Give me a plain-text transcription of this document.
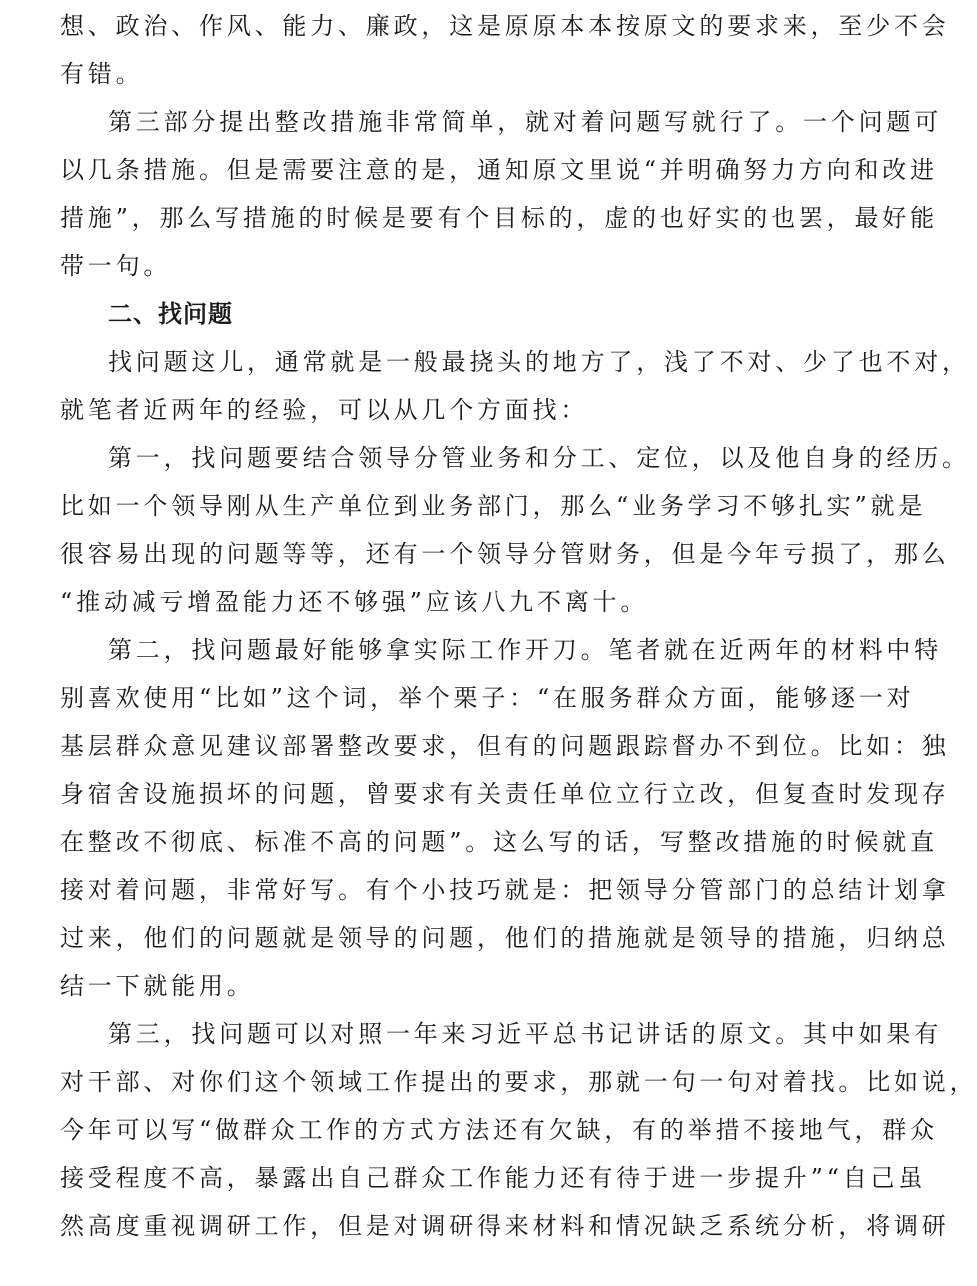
想、政治、作风、能力、廉政，这是原原本本按原文的要求来，至少不会
有错。
第三部分提出整改措施非常简单，就对着问题写就行了。一个问题可
以几条措施。但是需要注意的是，通知原文里说“并明确努力方向和改进
措施”，那么写措施的时候是要有个目标的，虚的也好实的也罢，最好能
带一句。
二、找问题
找问题这儿，通常就是一般最挠头的地方了，浅了不对、少了也不对，
就笔者近两年的经验，可以从几个方面找：
第一，找问题要结合领导分管业务和分工、定位，以及他自身的经历。
比如一个领导刚从生产单位到业务部门，那么“业务学习不够扎实”就是
很容易出现的问题等等，还有一个领导分管财务，但是今年亏损了，那么
“推动减亏增盈能力还不够强”应该八九不离十。
第二，找问题最好能够拿实际工作开刀。笔者就在近两年的材料中特
别喜欢使用“比如”这个词，举个栗子：“在服务群众方面，能够逐一对
基层群众意见建议部署整改要求，但有的问题跟踪督办不到位。比如：独
身宿舍设施损坏的问题，曾要求有关责任单位立行立改，但复查时发现存
在整改不彻底、标准不高的问题”。这么写的话，写整改措施的时候就直
接对着问题，非常好写。有个小技巧就是：把领导分管部门的总结计划拿
过来，他们的问题就是领导的问题，他们的措施就是领导的措施，归纳总
结一下就能用。
第三，找问题可以对照一年来习近平总书记讲话的原文。其中如果有
对干部、对你们这个领域工作提出的要求，那就一句一句对着找。比如说，
今年可以写“做群众工作的方式方法还有欠缺，有的举措不接地气，群众
接受程度不高，暴露出自己群众工作能力还有待于进一步提升”“自己虽
然高度重视调研工作，但是对调研得来材料和情况缺乏系统分析，将调研
